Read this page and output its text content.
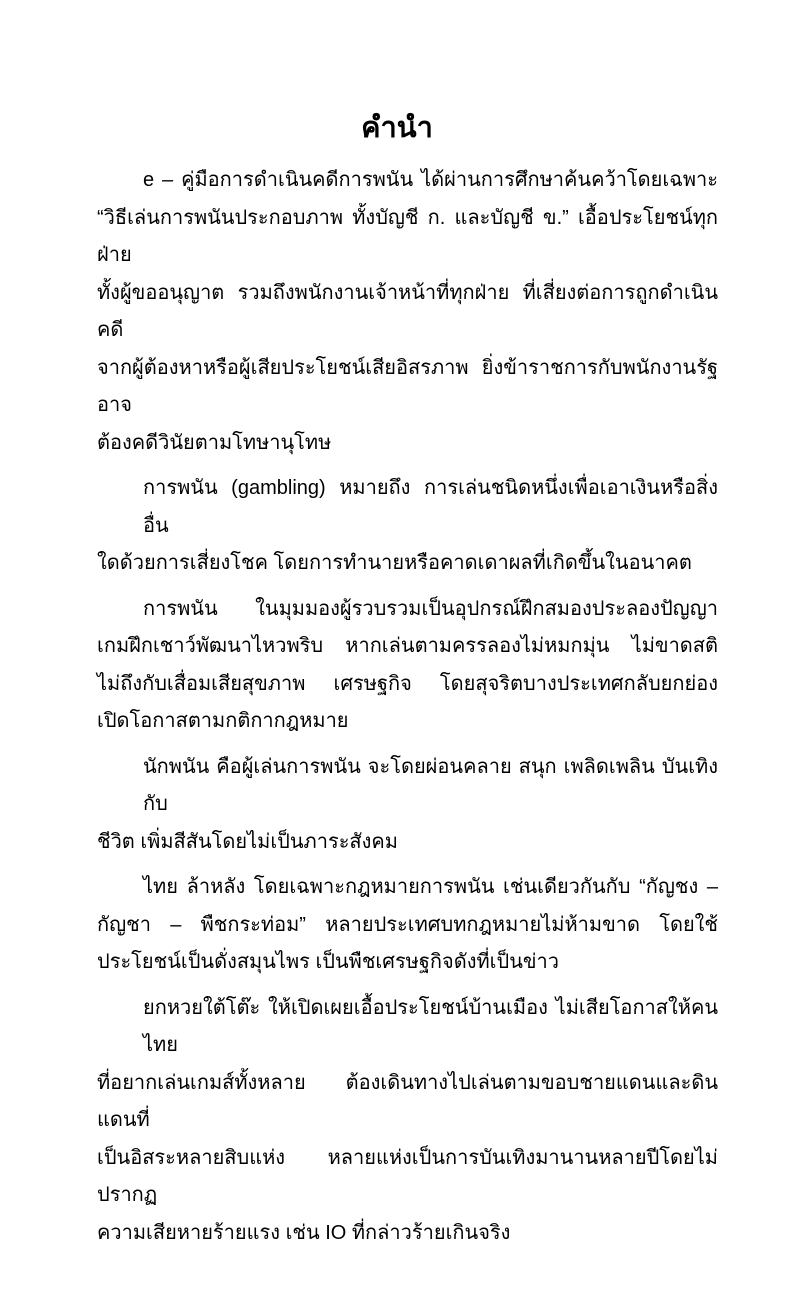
คำนำ
e – คู่มือการดำเนินคดีการพนัน ได้ผ่านการศึกษาค้นคว้าโดยเฉพาะ
“วิธีเล่นการพนันประกอบภาพ ทั้งบัญชี ก. และบัญชี ข.” เอื้อประโยชน์ทุกฝ่าย
ทั้งผู้ขออนุญาต รวมถึงพนักงานเจ้าหน้าที่ทุกฝ่าย ที่เสี่ยงต่อการถูกดำเนินคดี
จากผู้ต้องหาหรือผู้เสียประโยชน์เสียอิสรภาพ ยิ่งข้าราชการกับพนักงานรัฐอาจ
ต้องคดีวินัยตามโทษานุโทษ
การพนัน (gambling) หมายถึง การเล่นชนิดหนึ่งเพื่อเอาเงินหรือสิ่งอื่น
ใดด้วยการเสี่ยงโชค โดยการทำนายหรือคาดเดาผลที่เกิดขึ้นในอนาคต
การพนัน ในมุมมองผู้รวบรวมเป็นอุปกรณ์ฝึกสมองประลองปัญญา
เกมฝึกเชาว์พัฒนาไหวพริบ หากเล่นตามครรลองไม่หมกมุ่น ไม่ขาดสติ
ไม่ถึงกับเสื่อมเสียสุขภาพ เศรษฐกิจ โดยสุจริตบางประเทศกลับยกย่อง
เปิดโอกาสตามกติกากฎหมาย
นักพนัน คือผู้เล่นการพนัน จะโดยผ่อนคลาย สนุก เพลิดเพลิน บันเทิงกับ
ชีวิต เพิ่มสีสันโดยไม่เป็นภาระสังคม
ไทย ล้าหลัง โดยเฉพาะกฎหมายการพนัน เช่นเดียวกันกับ “กัญชง –
กัญชา – พืชกระท่อม” หลายประเทศบทกฎหมายไม่ห้ามขาด โดยใช้
ประโยชน์เป็นดั่งสมุนไพร เป็นพืชเศรษฐกิจดังที่เป็นข่าว
ยกหวยใต้โต๊ะ ให้เปิดเผยเอื้อประโยชน์บ้านเมือง ไม่เสียโอกาสให้คนไทย
ที่อยากเล่นเกมส์ทั้งหลาย ต้องเดินทางไปเล่นตามขอบชายแดนและดินแดนที่
เป็นอิสระหลายสิบแห่ง หลายแห่งเป็นการบันเทิงมานานหลายปีโดยไม่ปรากฏ
ความเสียหายร้ายแรง เช่น IO ที่กล่าวร้ายเกินจริง
